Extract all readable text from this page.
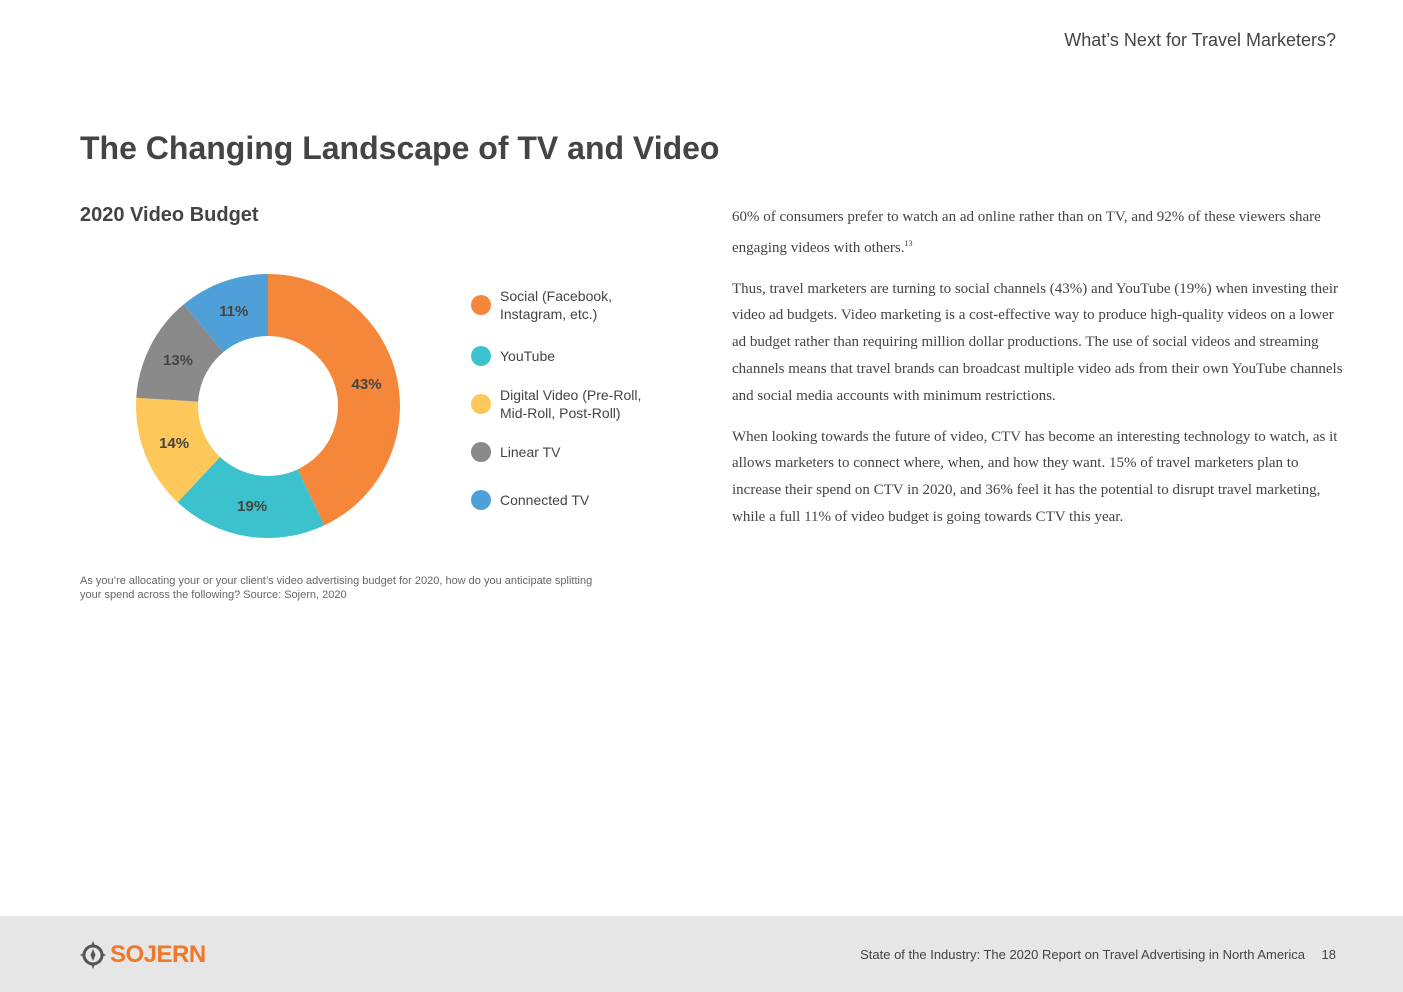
What’s Next for Travel Marketers?
The Changing Landscape of TV and Video
2020 Video Budget
43%
19%
14%
13%
11%
Social (Facebook,
Instagram, etc.)
YouTube
Digital Video (Pre-Roll,
Mid-Roll, Post-Roll)
Linear TV
Connected TV
As you’re allocating your or your client’s video advertising budget for 2020, how do you anticipate splitting
your spend across the following? Source: Sojern, 2020

60% of consumers prefer to watch an ad online rather than on TV, and 92% of these viewers share engaging videos with others.$^{13}$

Thus, travel marketers are turning to social channels (43%) and YouTube (19%) when investing their video ad budgets. Video marketing is a cost-effective way to produce high-quality videos on a lower ad budget rather than requiring million dollar productions. The use of social videos and streaming channels means that travel brands can broadcast multiple video ads from their own YouTube channels and social media accounts with minimum restrictions.

When looking towards the future of video, CTV has become an interesting technology to watch, as it allows marketers to connect where, when, and how they want. 15% of travel marketers plan to increase their spend on CTV in 2020, and 36% feel it has the potential to disrupt travel marketing, while a full 11% of video budget is going towards CTV this year.

SOJERN	State of the Industry: The 2020 Report on Travel Advertising in North America 18
